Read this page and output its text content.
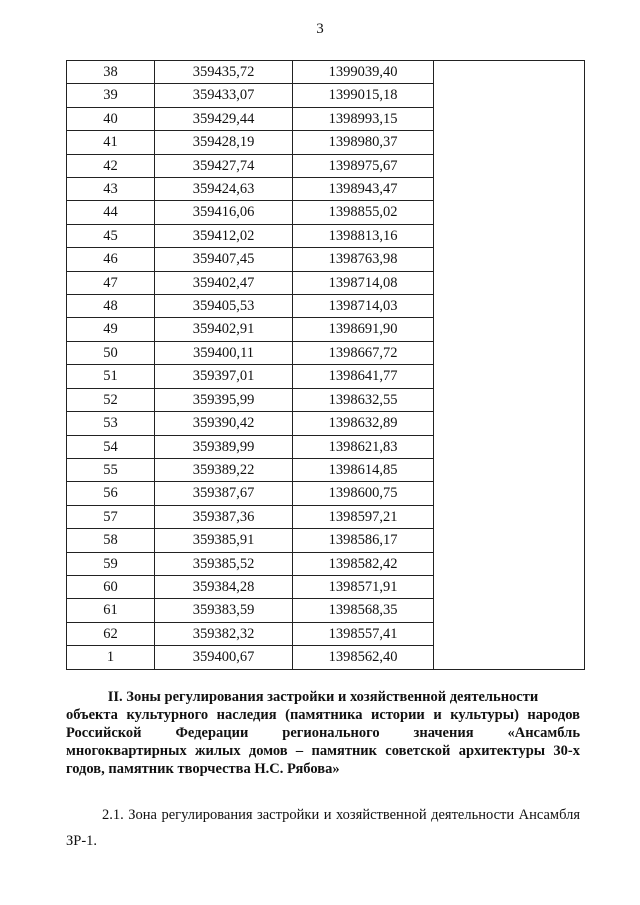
3
38	359435,72	1399039,40	
39	359433,07	1399015,18	
40	359429,44	1398993,15	
41	359428,19	1398980,37	
42	359427,74	1398975,67	
43	359424,63	1398943,47	
44	359416,06	1398855,02	
45	359412,02	1398813,16	
46	359407,45	1398763,98	
47	359402,47	1398714,08	
48	359405,53	1398714,03	
49	359402,91	1398691,90	
50	359400,11	1398667,72	
51	359397,01	1398641,77	
52	359395,99	1398632,55	
53	359390,42	1398632,89	
54	359389,99	1398621,83	
55	359389,22	1398614,85	
56	359387,67	1398600,75	
57	359387,36	1398597,21	
58	359385,91	1398586,17	
59	359385,52	1398582,42	
60	359384,28	1398571,91	
61	359383,59	1398568,35	
62	359382,32	1398557,41	
1	359400,67	1398562,40	
II. Зоны регулирования застройки и хозяйственной деятельности
объекта культурного наследия (памятника истории и культуры) народов Российской Федерации регионального значения «Ансамбль многоквартирных жилых домов – памятник советской архитектуры 30-х годов, памятник творчества Н.С. Рябова»
2.1. Зона регулирования застройки и хозяйственной деятельности Ансамбля ЗР-1.
